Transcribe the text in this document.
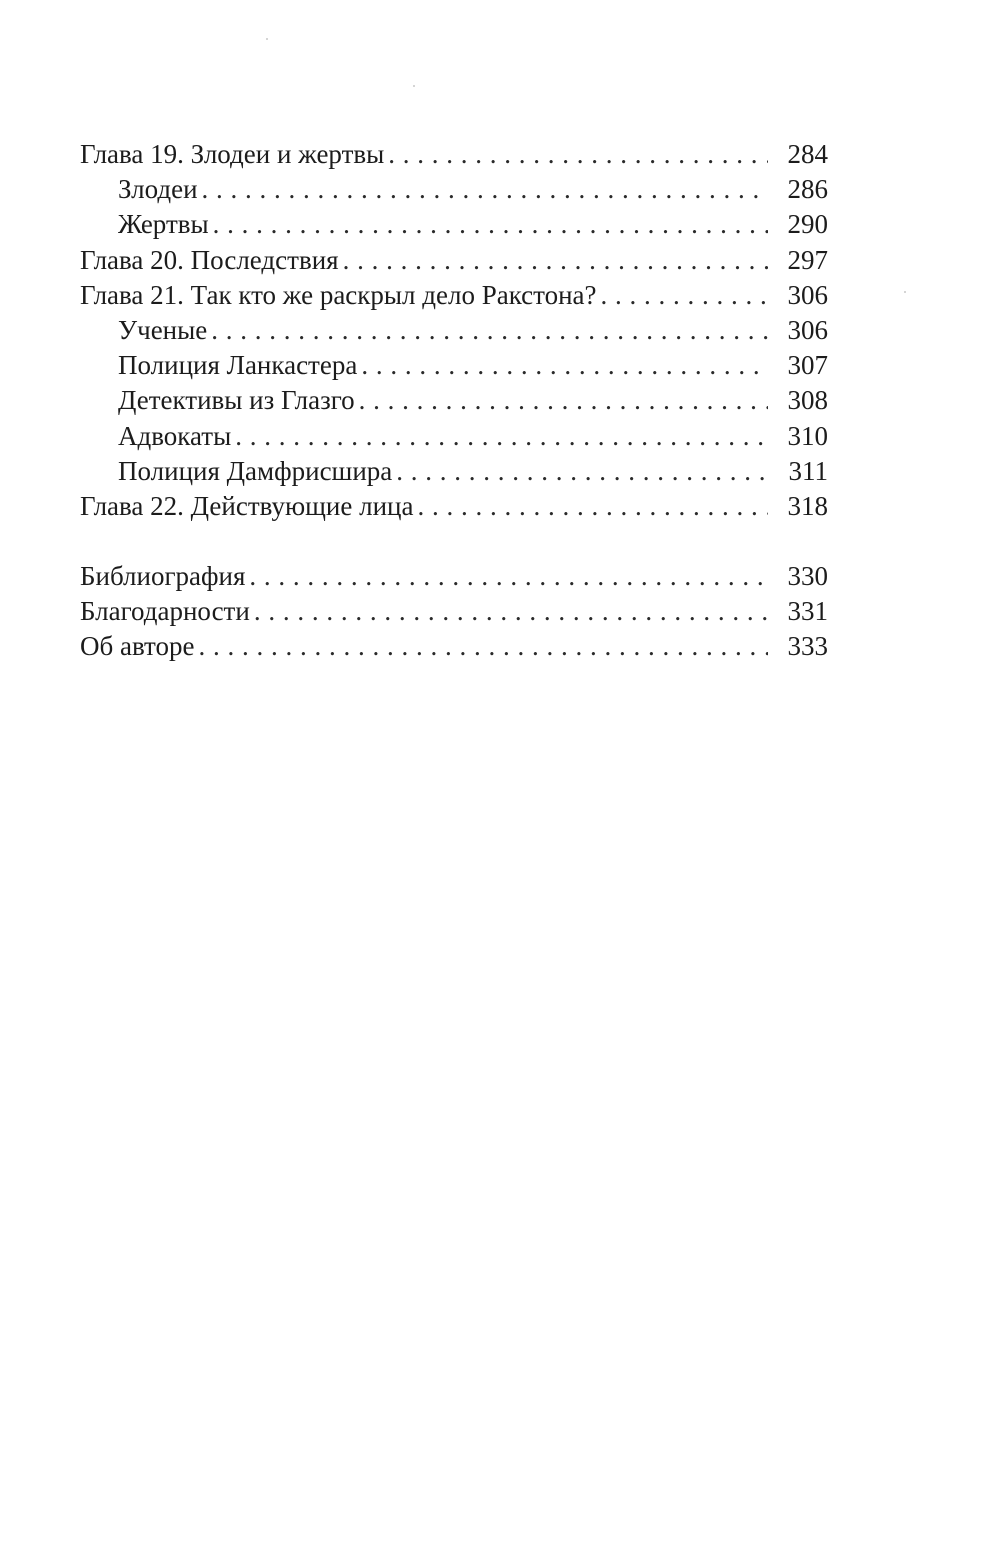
Глава 19. Злодеи и жертвы . . .	284
Злодеи . . .	286
Жертвы . . .	290
Глава 20. Последствия . . .	297
Глава 21. Так кто же раскрыл дело Ракстона? . . .	306
Ученые . . .	306
Полиция Ланкастера . . .	307
Детективы из Глазго . . .	308
Адвокаты . . .	310
Полиция Дамфрисшира . . .	311
Глава 22. Действующие лица . . .	318
Библиография . . .	330
Благодарности . . .	331
Об авторе . . .	333
